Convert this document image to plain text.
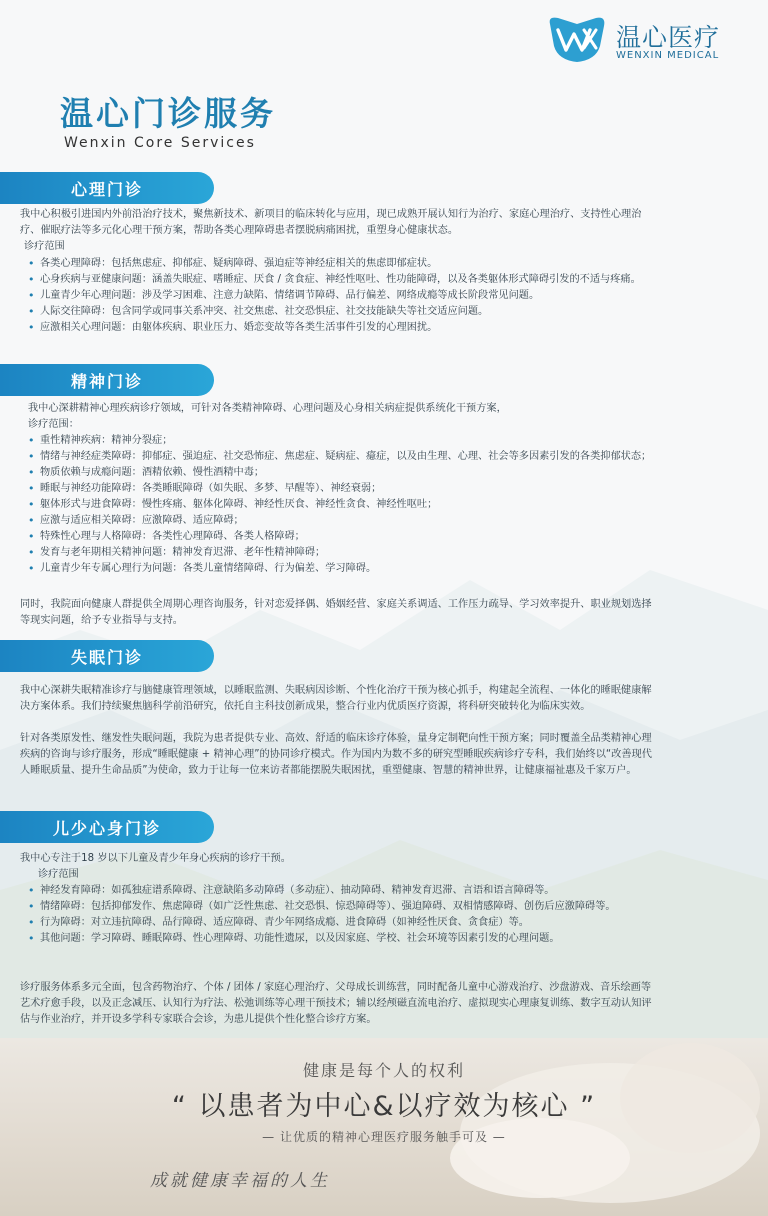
温心医疗
WENXIN MEDICAL
温心门诊服务
Wenxin Core Services
心理门诊

我中心积极引进国内外前沿治疗技术，聚焦新技术、新项目的临床转化与应用，现已成熟开展认知行为治疗、家庭心理治疗、支持性心理治疗、催眠疗法等多元化心理干预方案，帮助各类心理障碍患者摆脱病痛困扰，重塑身心健康状态。

诊疗范围
• 各类心理障碍：包括焦虑症、抑郁症、疑病障碍、强迫症等神经症相关的焦虑即郁症状。
• 心身疾病与亚健康问题：涵盖失眠症、嗜睡症、厌食 / 贪食症、神经性呕吐、性功能障碍，以及各类躯体形式障碍引发的不适与疼痛。
• 儿童青少年心理问题：涉及学习困难、注意力缺陷、情绪调节障碍、品行偏差、网络成瘾等成长阶段常见问题。
• 人际交往障碍：包含同学或同事关系冲突、社交焦虑、社交恐惧症、社交技能缺失等社交适应问题。
• 应激相关心理问题：由躯体疾病、职业压力、婚恋变故等各类生活事件引发的心理困扰。
精神门诊

我中心深耕精神心理疾病诊疗领域，可针对各类精神障碍、心理问题及心身相关病症提供系统化干预方案，

诊疗范围：
• 重性精神疾病：精神分裂症；
• 情绪与神经症类障碍：抑郁症、强迫症、社交恐怖症、焦虑症、疑病症、癔症，以及由生理、心理、社会等多因素引发的各类抑郁状态；
• 物质依赖与成瘾问题：酒精依赖、慢性酒精中毒；
• 睡眠与神经功能障碍：各类睡眠障碍（如失眠、多梦、早醒等）、神经衰弱；
• 躯体形式与进食障碍：慢性疼痛、躯体化障碍、神经性厌食、神经性贪食、神经性呕吐；
• 应激与适应相关障碍：应激障碍、适应障碍；
• 特殊性心理与人格障碍：各类性心理障碍、各类人格障碍；
• 发育与老年期相关精神问题：精神发育迟滞、老年性精神障碍；
• 儿童青少年专属心理行为问题：各类儿童情绪障碍、行为偏差、学习障碍。

同时，我院面向健康人群提供全周期心理咨询服务，针对恋爱择偶、婚姻经营、家庭关系调适、工作压力疏导、学习效率提升、职业规划选择等现实问题，给予专业指导与支持。

失眠门诊

我中心深耕失眠精准诊疗与脑健康管理领域，以睡眠监测、失眠病因诊断、个性化治疗干预为核心抓手，构建起全流程、一体化的睡眠健康解决方案体系。我们持续聚焦脑科学前沿研究，依托自主科技创新成果，整合行业内优质医疗资源，将科研突破转化为临床实效。

针对各类原发性、继发性失眠问题，我院为患者提供专业、高效、舒适的临床诊疗体验，量身定制靶向性干预方案；同时覆盖全品类精神心理疾病的咨询与诊疗服务，形成“睡眠健康 + 精神心理”的协同诊疗模式。作为国内为数不多的研究型睡眠疾病诊疗专科，我们始终以“改善现代人睡眠质量、提升生命品质”为使命，致力于让每一位来访者都能摆脱失眠困扰，重塑健康、智慧的精神世界，让健康福祉惠及千家万户。

儿少心身门诊

我中心专注于18 岁以下儿童及青少年身心疾病的诊疗干预。

诊疗范围
• 神经发育障碍：如孤独症谱系障碍、注意缺陷多动障碍（多动症）、抽动障碍、精神发育迟滞、言语和语言障碍等。
• 情绪障碍：包括抑郁发作、焦虑障碍（如广泛性焦虑、社交恐惧、惊恐障碍等）、强迫障碍、双相情感障碍、创伤后应激障碍等。
• 行为障碍：对立违抗障碍、品行障碍、适应障碍、青少年网络成瘾、进食障碍（如神经性厌食、贪食症）等。
• 其他问题：学习障碍、睡眠障碍、性心理障碍、功能性遗尿，以及因家庭、学校、社会环境等因素引发的心理问题。

诊疗服务体系多元全面，包含药物治疗、个体 / 团体 / 家庭心理治疗、父母成长训练营，同时配备儿童中心游戏治疗、沙盘游戏、音乐绘画等艺术疗愈手段，以及正念减压、认知行为疗法、松弛训练等心理干预技术；辅以经颅磁直流电治疗、虚拟现实心理康复训练、数字互动认知评估与作业治疗，并开设多学科专家联合会诊，为患儿提供个性化整合诊疗方案。

健康是每个人的权利
“ 以患者为中心&以疗效为核心 ”
— 让优质的精神心理医疗服务触手可及 —
成就健康幸福的人生
